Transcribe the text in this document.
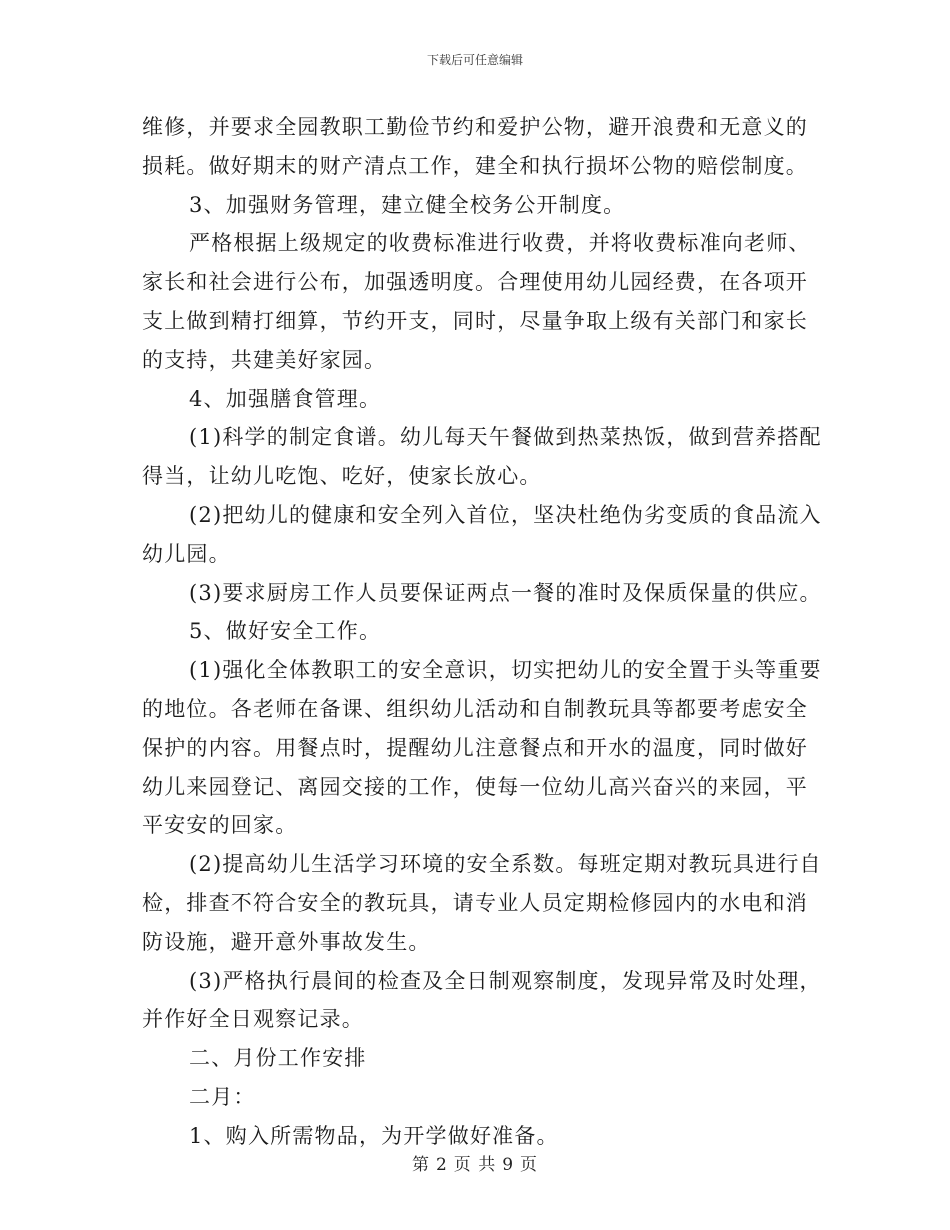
下载后可任意编辑
维修，并要求全园教职工勤俭节约和爱护公物，避开浪费和无意义的
损耗。做好期末的财产清点工作，建全和执行损坏公物的赔偿制度。
3、加强财务管理，建立健全校务公开制度。
严格根据上级规定的收费标准进行收费，并将收费标准向老师、
家长和社会进行公布，加强透明度。合理使用幼儿园经费，在各项开
支上做到精打细算，节约开支，同时，尽量争取上级有关部门和家长
的支持，共建美好家园。
4、加强膳食管理。
(1)科学的制定食谱。幼儿每天午餐做到热菜热饭，做到营养搭配
得当，让幼儿吃饱、吃好，使家长放心。
(2)把幼儿的健康和安全列入首位，坚决杜绝伪劣变质的食品流入
幼儿园。
(3)要求厨房工作人员要保证两点一餐的准时及保质保量的供应。
5、做好安全工作。
(1)强化全体教职工的安全意识，切实把幼儿的安全置于头等重要
的地位。各老师在备课、组织幼儿活动和自制教玩具等都要考虑安全
保护的内容。用餐点时，提醒幼儿注意餐点和开水的温度，同时做好
幼儿来园登记、离园交接的工作，使每一位幼儿高兴奋兴的来园，平
平安安的回家。
(2)提高幼儿生活学习环境的安全系数。每班定期对教玩具进行自
检，排查不符合安全的教玩具，请专业人员定期检修园内的水电和消
防设施，避开意外事故发生。
(3)严格执行晨间的检查及全日制观察制度，发现异常及时处理，
并作好全日观察记录。
二、月份工作安排
二月：
1、购入所需物品，为开学做好准备。
第 2 页 共 9 页
